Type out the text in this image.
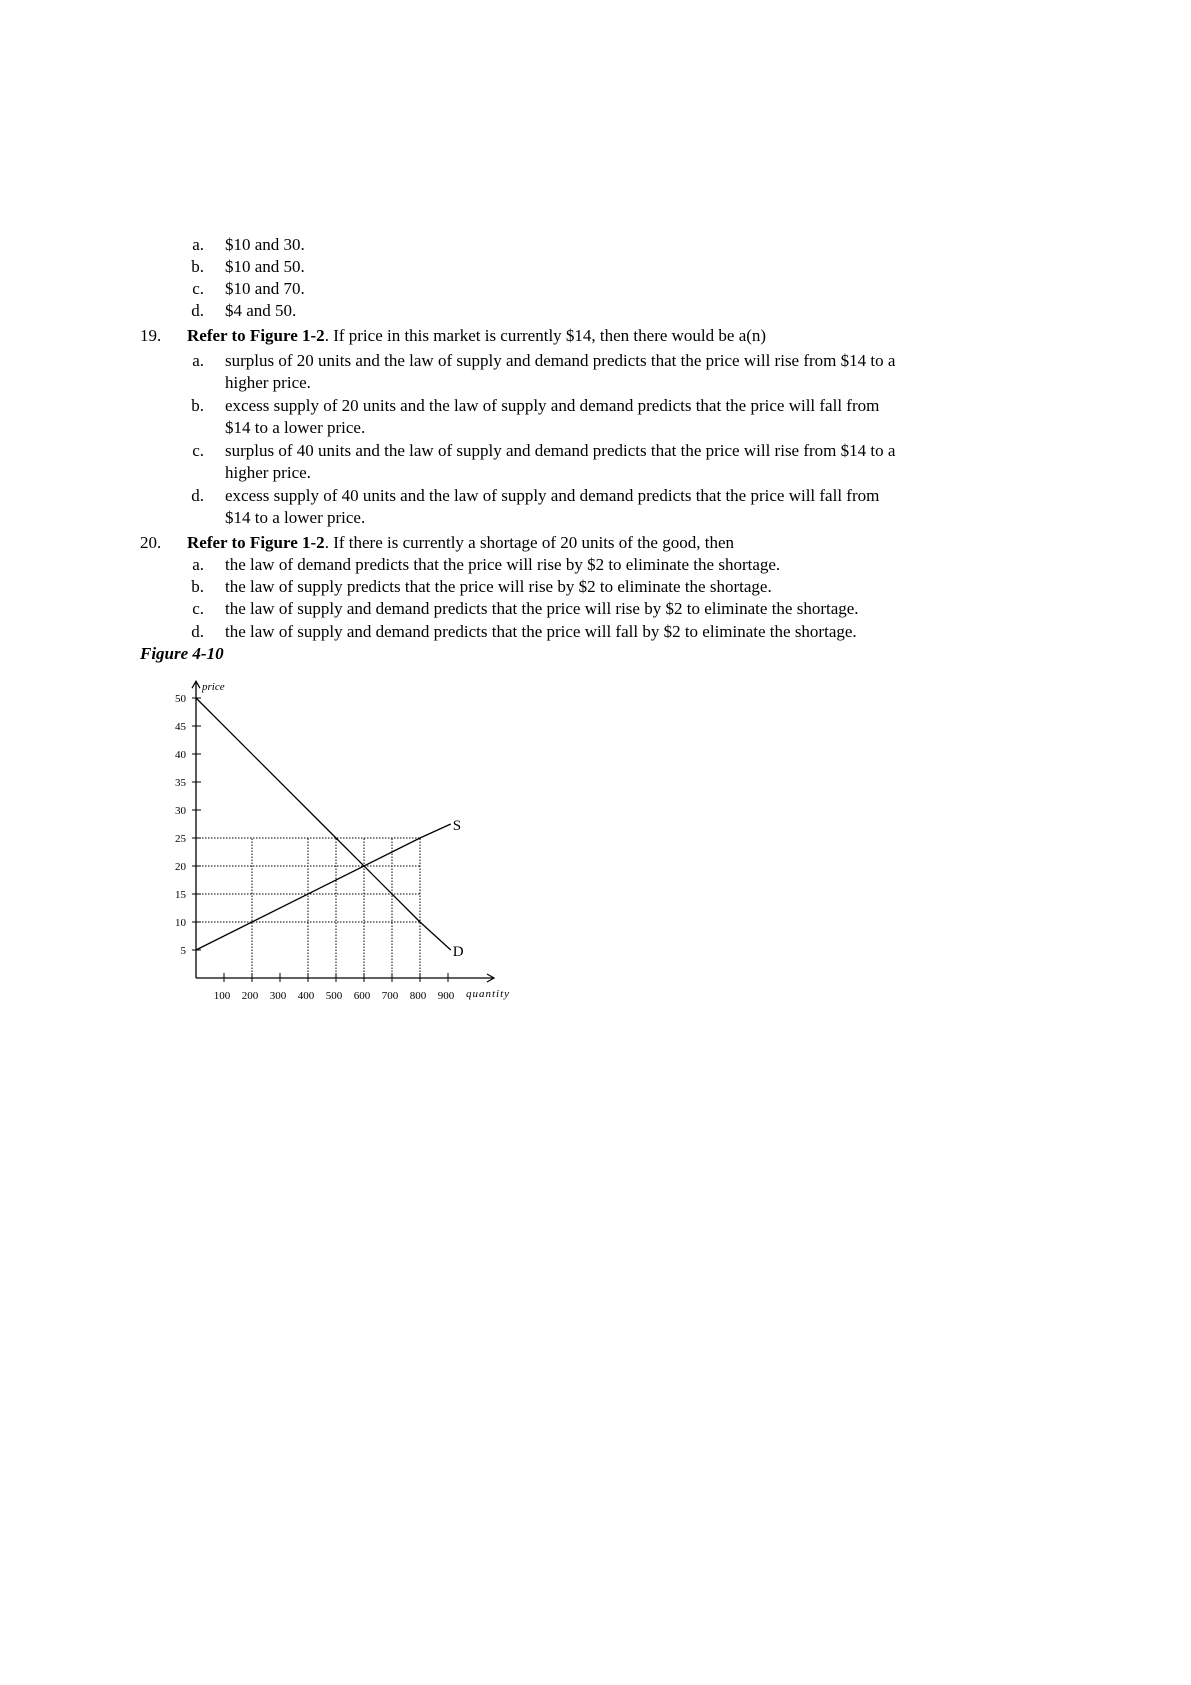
a. $10 and 30.
b. $10 and 50.
c. $10 and 70.
d. $4 and 50.
19. Refer to Figure 1-2. If price in this market is currently $14, then there would be a(n)
a. surplus of 20 units and the law of supply and demand predicts that the price will rise from $14 to a
higher price.
b. excess supply of 20 units and the law of supply and demand predicts that the price will fall from
$14 to a lower price.
c. surplus of 40 units and the law of supply and demand predicts that the price will rise from $14 to a
higher price.
d. excess supply of 40 units and the law of supply and demand predicts that the price will fall from
$14 to a lower price.
20. Refer to Figure 1-2. If there is currently a shortage of 20 units of the good, then
a. the law of demand predicts that the price will rise by $2 to eliminate the shortage.
b. the law of supply predicts that the price will rise by $2 to eliminate the shortage.
c. the law of supply and demand predicts that the price will rise by $2 to eliminate the shortage.
d. the law of supply and demand predicts that the price will fall by $2 to eliminate the shortage.
Figure 4-10
5
10
15
20
25
30
35
40
45
50
100 200 300 400 500 600 700 800 900
price
quantity
S
D
